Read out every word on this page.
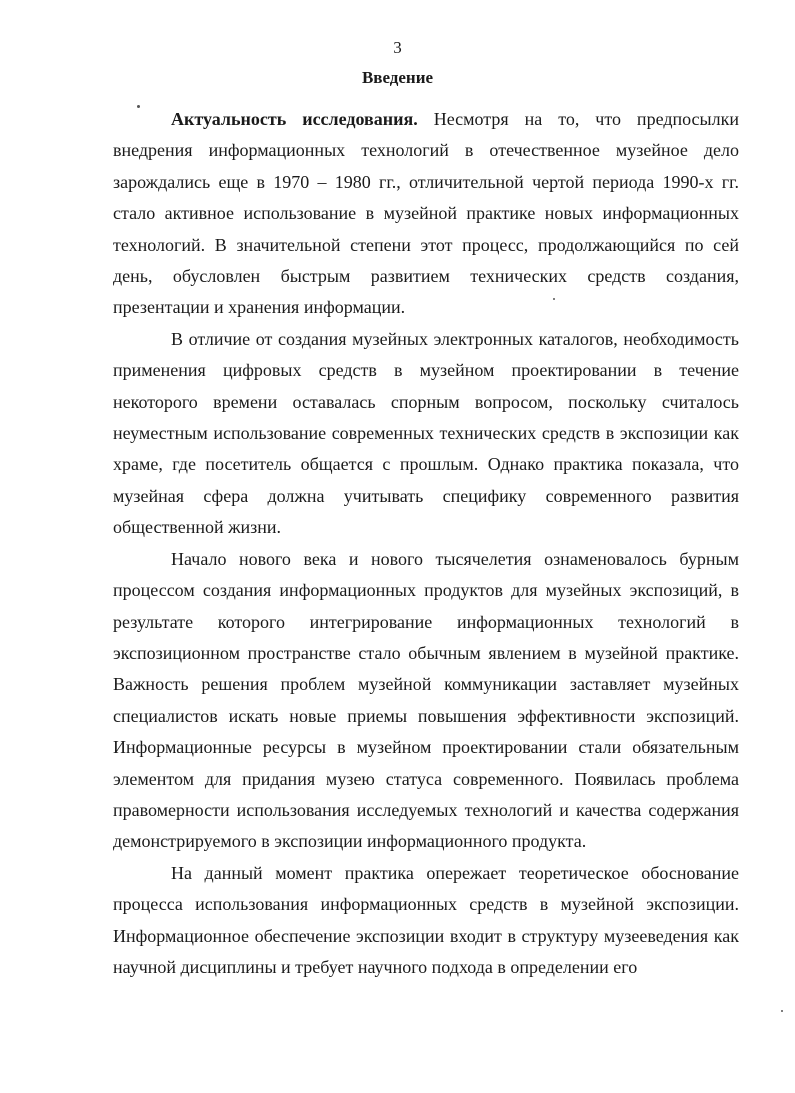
3
Введение

Актуальность исследования. Несмотря на то, что предпосылки внедрения информационных технологий в отечественное музейное дело зарождались еще в 1970 – 1980 гг., отличительной чертой периода 1990-х гг. стало активное использование в музейной практике новых информационных технологий. В значительной степени этот процесс, продолжающийся по сей день, обусловлен быстрым развитием технических средств создания, презентации и хранения информации.

В отличие от создания музейных электронных каталогов, необходимость применения цифровых средств в музейном проектировании в течение некоторого времени оставалась спорным вопросом, поскольку считалось неуместным использование современных технических средств в экспозиции как храме, где посетитель общается с прошлым. Однако практика показала, что музейная сфера должна учитывать специфику современного развития общественной жизни.

Начало нового века и нового тысячелетия ознаменовалось бурным процессом создания информационных продуктов для музейных экспозиций, в результате которого интегрирование информационных технологий в экспозиционном пространстве стало обычным явлением в музейной практике. Важность решения проблем музейной коммуникации заставляет музейных специалистов искать новые приемы повышения эффективности экспозиций. Информационные ресурсы в музейном проектировании стали обязательным элементом для придания музею статуса современного. Появилась проблема правомерности использования исследуемых технологий и качества содержания демонстрируемого в экспозиции информационного продукта.

На данный момент практика опережает теоретическое обоснование процесса использования информационных средств в музейной экспозиции. Информационное обеспечение экспозиции входит в структуру музееведения как научной дисциплины и требует научного подхода в определении его
